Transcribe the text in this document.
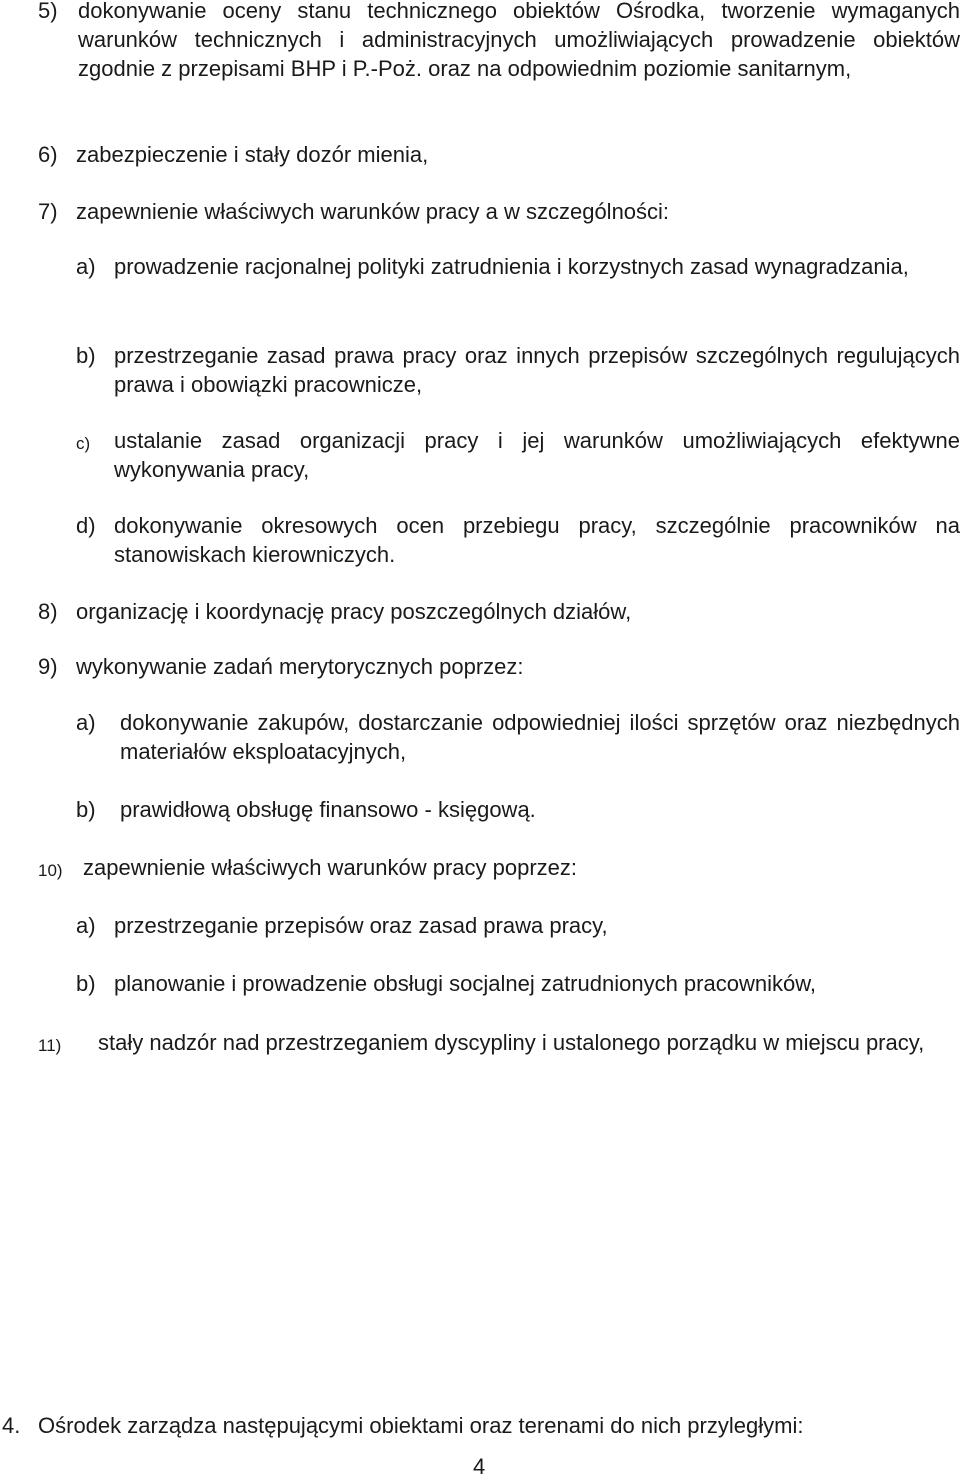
5) dokonywanie oceny stanu technicznego obiektów Ośrodka, tworzenie wymaganych warunków technicznych i administracyjnych umożliwiających prowadzenie obiektów zgodnie z przepisami BHP i P.-Poż. oraz na odpowiednim poziomie sanitarnym,

6) zabezpieczenie i stały dozór mienia,

7) zapewnienie właściwych warunków pracy a w szczególności:

a) prowadzenie racjonalnej polityki zatrudnienia i korzystnych zasad wynagradzania,

b) przestrzeganie zasad prawa pracy oraz innych przepisów szczególnych regulujących prawa i obowiązki pracownicze,

c) ustalanie zasad organizacji pracy i jej warunków umożliwiających efektywne wykonywania pracy,

d) dokonywanie okresowych ocen przebiegu pracy, szczególnie pracowników na stanowiskach kierowniczych.

8) organizację i koordynację pracy poszczególnych działów,

9) wykonywanie zadań merytorycznych poprzez:

a) dokonywanie zakupów, dostarczanie odpowiedniej ilości sprzętów oraz niezbędnych materiałów eksploatacyjnych,

b) prawidłową obsługę finansowo - księgową.

10) zapewnienie właściwych warunków pracy poprzez:

a) przestrzeganie przepisów oraz zasad prawa pracy,

b) planowanie i prowadzenie obsługi socjalnej zatrudnionych pracowników,

11)	stały nadzór nad przestrzeganiem dyscypliny i ustalonego porządku w miejscu pracy,

4. Ośrodek zarządza następującymi obiektami oraz terenami do nich przyległymi:

4
